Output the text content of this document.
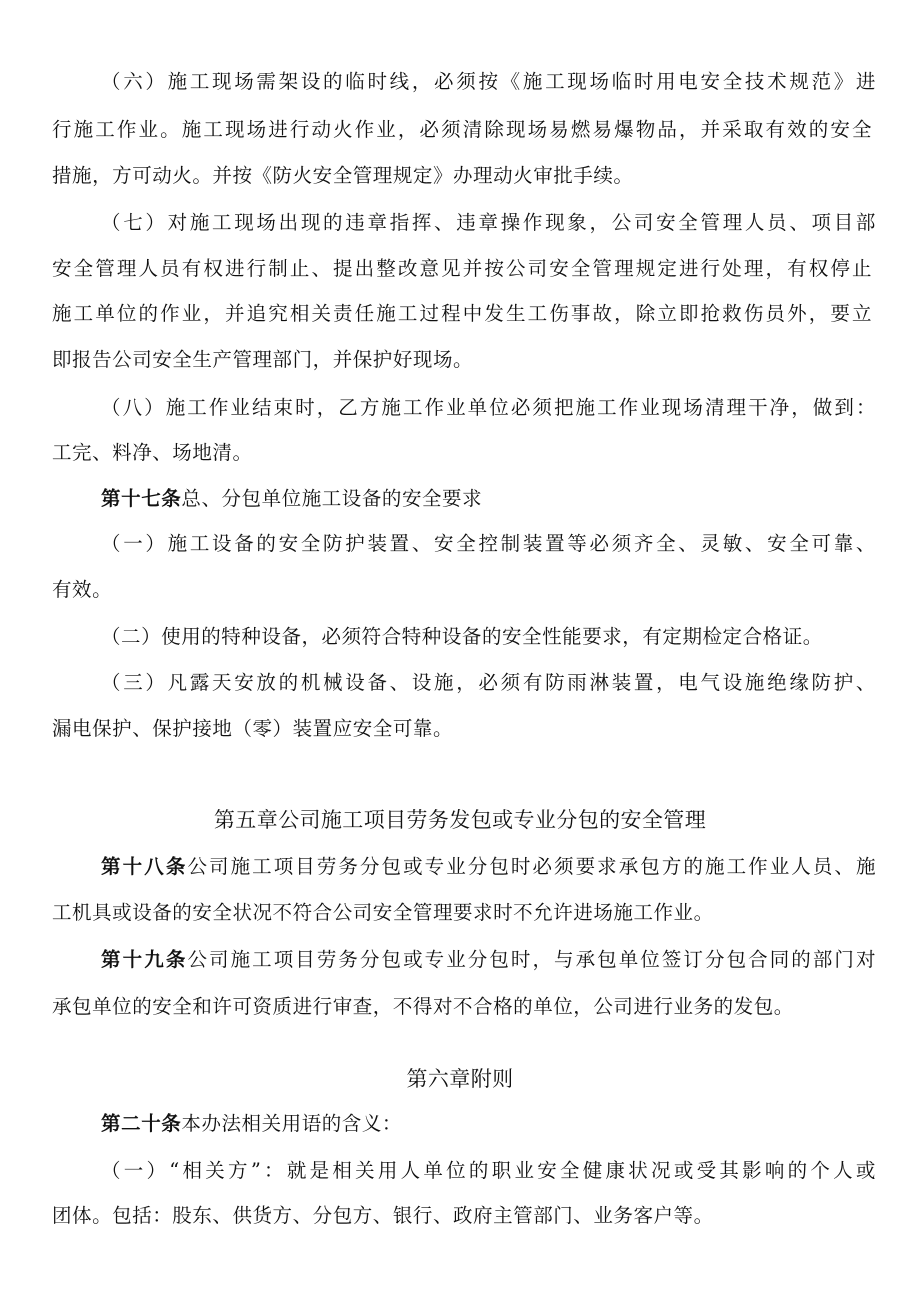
（六）施工现场需架设的临时线，必须按《施工现场临时用电安全技术规范》进
行施工作业。施工现场进行动火作业，必须清除现场易燃易爆物品，并采取有效的安全
措施，方可动火。并按《防火安全管理规定》办理动火审批手续。
（七）对施工现场出现的违章指挥、违章操作现象，公司安全管理人员、项目部
安全管理人员有权进行制止、提出整改意见并按公司安全管理规定进行处理，有权停止
施工单位的作业，并追究相关责任施工过程中发生工伤事故，除立即抢救伤员外，要立
即报告公司安全生产管理部门，并保护好现场。
（八）施工作业结束时，乙方施工作业单位必须把施工作业现场清理干净，做到：
工完、料净、场地清。
第十七条总、分包单位施工设备的安全要求
（一）施工设备的安全防护装置、安全控制装置等必须齐全、灵敏、安全可靠、
有效。
（二）使用的特种设备，必须符合特种设备的安全性能要求，有定期检定合格证。
（三）凡露天安放的机械设备、设施，必须有防雨淋装置，电气设施绝缘防护、
漏电保护、保护接地（零）装置应安全可靠。
第五章公司施工项目劳务发包或专业分包的安全管理
第十八条公司施工项目劳务分包或专业分包时必须要求承包方的施工作业人员、施
工机具或设备的安全状况不符合公司安全管理要求时不允许进场施工作业。
第十九条公司施工项目劳务分包或专业分包时，与承包单位签订分包合同的部门对
承包单位的安全和许可资质进行审查，不得对不合格的单位，公司进行业务的发包。
第六章附则
第二十条本办法相关用语的含义：
（一）“相关方”：就是相关用人单位的职业安全健康状况或受其影响的个人或
团体。包括：股东、供货方、分包方、银行、政府主管部门、业务客户等。
